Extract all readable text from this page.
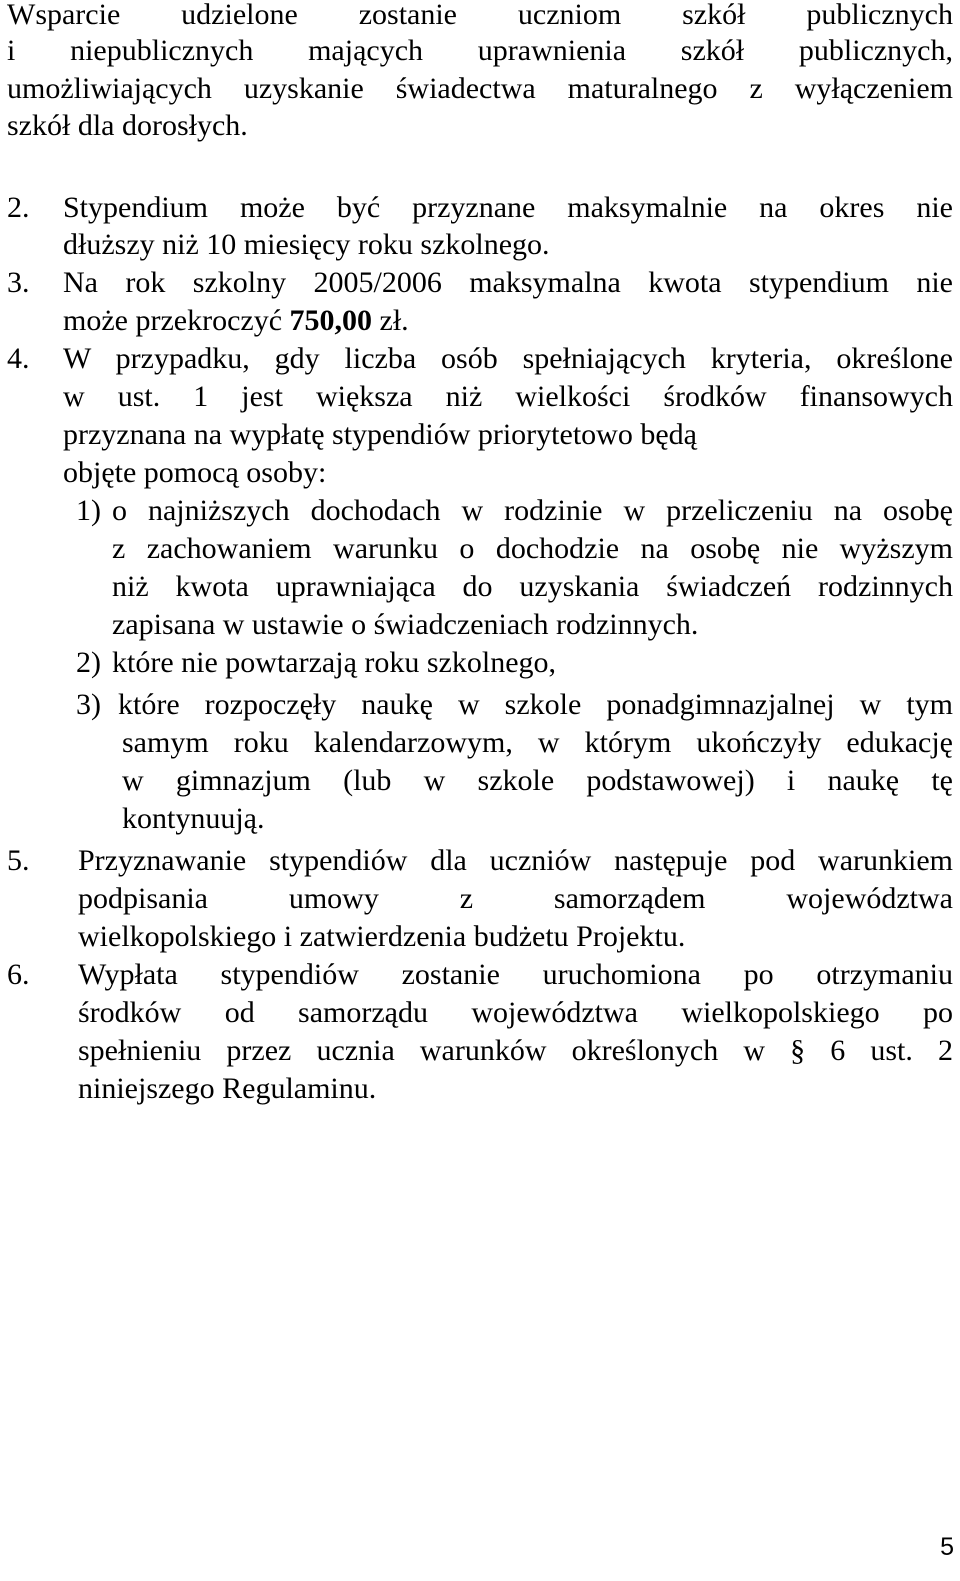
Wsparcie udzielone zostanie uczniom szkół publicznych

i niepublicznych mających uprawnienia szkół publicznych,

umożliwiających uzyskanie świadectwa maturalnego z wyłączeniem

szkół dla dorosłych.

2. Stypendium może być przyznane maksymalnie na okres nie

dłuższy niż 10 miesięcy roku szkolnego.

3. Na rok szkolny 2005/2006 maksymalna kwota stypendium nie

może przekroczyć 750,00 zł.

4. W przypadku, gdy liczba osób spełniających kryteria, określone

w ust. 1 jest większa niż wielkości środków finansowych

przyznana na wypłatę stypendiów priorytetowo będą

objęte pomocą osoby:

1) o najniższych dochodach w rodzinie w przeliczeniu na osobę

z zachowaniem warunku o dochodzie na osobę nie wyższym

niż kwota uprawniająca do uzyskania świadczeń rodzinnych

zapisana w ustawie o świadczeniach rodzinnych.

2) które nie powtarzają roku szkolnego,

3) które rozpoczęły naukę w szkole ponadgimnazjalnej w tym

samym roku kalendarzowym, w którym ukończyły edukację

w gimnazjum (lub w szkole podstawowej) i naukę tę

kontynuują.

5. Przyznawanie stypendiów dla uczniów następuje pod warunkiem

podpisania umowy z samorządem województwa

wielkopolskiego i zatwierdzenia budżetu Projektu.

6. Wypłata stypendiów zostanie uruchomiona po otrzymaniu

środków od samorządu województwa wielkopolskiego po

spełnieniu przez ucznia warunków określonych w § 6 ust. 2

niniejszego Regulaminu.

5
